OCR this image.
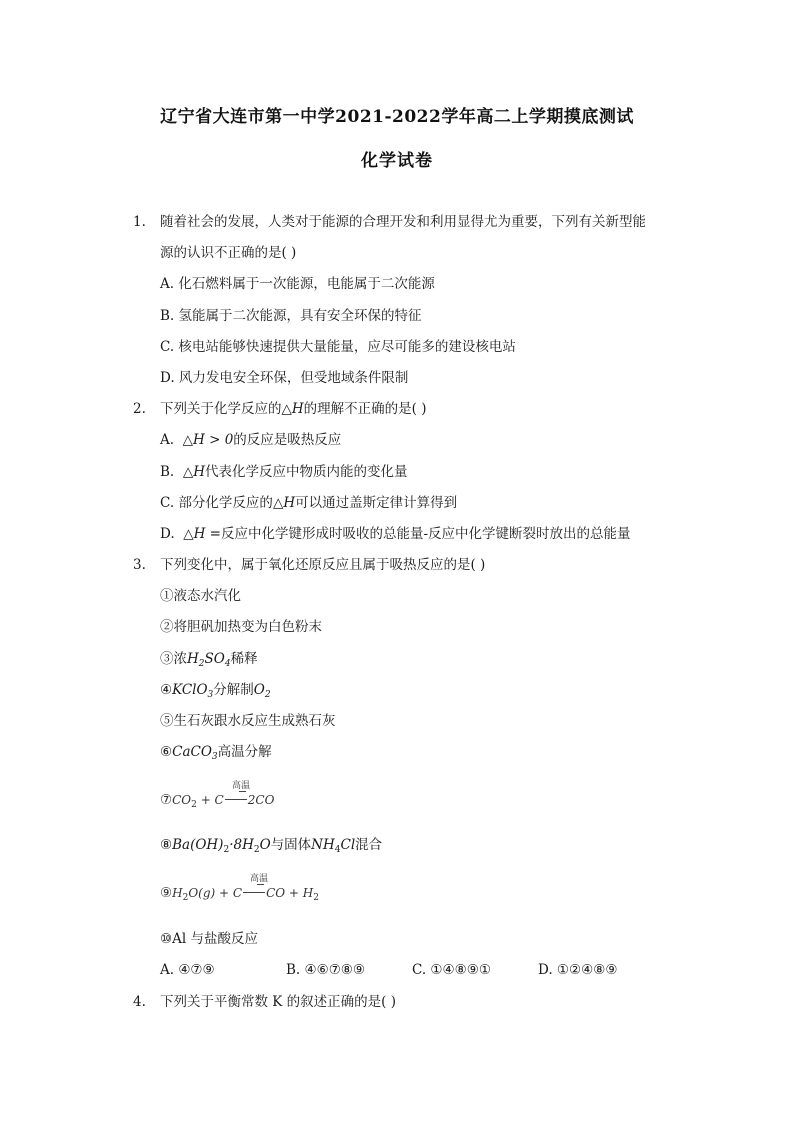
辽宁省大连市第一中学2021-2022学年高二上学期摸底测试
化学试卷
1.	随着社会的发展，人类对于能源的合理开发和利用显得尤为重要，下列有关新型能
源的认识不正确的是( )
A. 化石燃料属于一次能源，电能属于二次能源
B. 氢能属于二次能源，具有安全环保的特征
C. 核电站能够快速提供大量能量，应尽可能多的建设核电站
D. 风力发电安全环保，但受地域条件限制
2.	下列关于化学反应的△H的理解不正确的是( )
A. △H > 0的反应是吸热反应
B. △H代表化学反应中物质内能的变化量
C. 部分化学反应的△H可以通过盖斯定律计算得到
D. △H =反应中化学键形成时吸收的总能量-反应中化学键断裂时放出的总能量
3.	下列变化中，属于氧化还原反应且属于吸热反应的是( )
①液态水汽化
②将胆矾加热变为白色粉末
③浓$H_2SO_4$稀释
④KClO$_3$分解制$O_2$
⑤生石灰跟水反应生成熟石灰
⑥CaCO$_3$高温分解
高温
$⑦CO_2 + C$ 2CO
$⑧Ba(OH)_2\cdot 8H_2O$与固体$NH_4Cl$混合
高温
$⑨H_2O(g) + C$ CO + $H_2$
⑩Al 与盐酸反应
A. ④⑦⑨	B. ④⑥⑦⑧⑨	C. ①④⑧⑨①	D. ①②④⑧⑨
4.	下列关于平衡常数 K 的叙述正确的是( )
